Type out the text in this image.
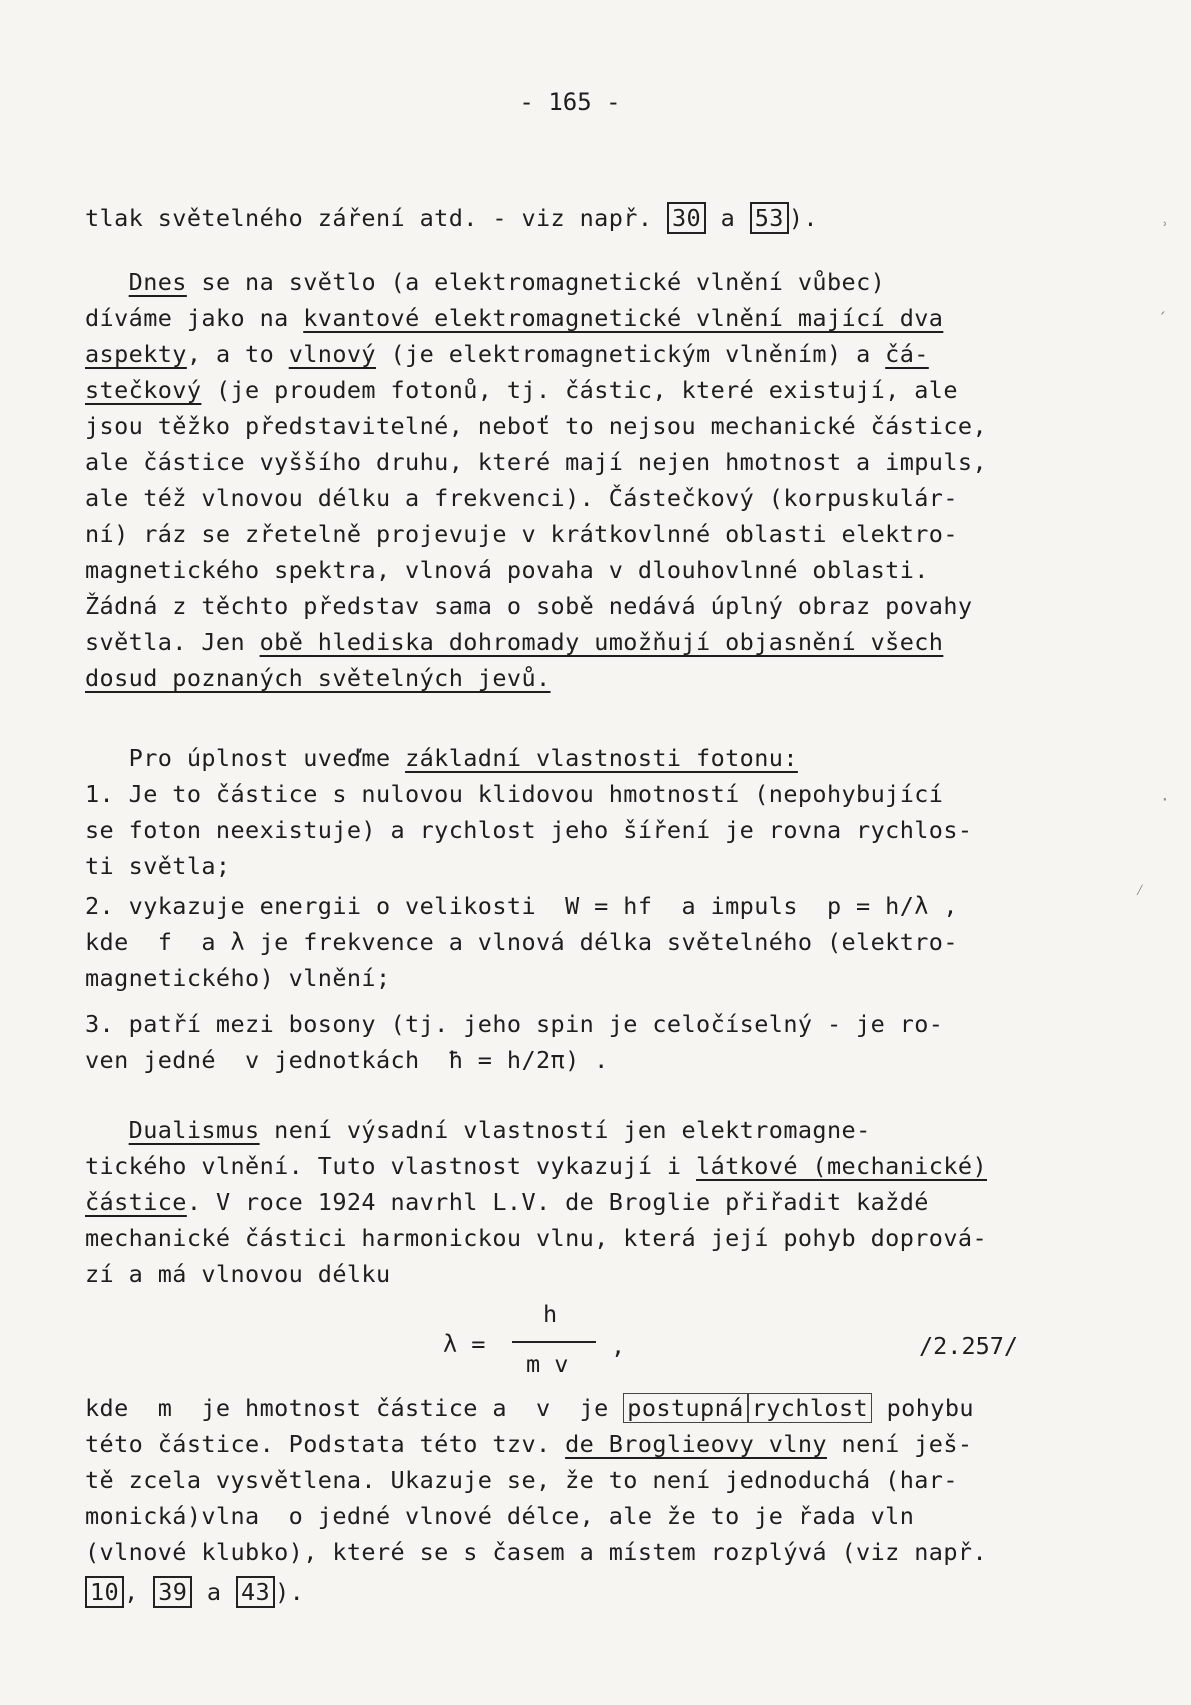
- 165 -
tlak světelného záření atd. - viz např. 30 a 53 ).
Dnes se na světlo (a elektromagnetické vlnění vůbec)
díváme jako na kvantové elektromagnetické vlnění mající dva
aspekty, a to vlnový (je elektromagnetickým vlněním) a čá-
stečkový (je proudem fotonů, tj. částic, které existují, ale
jsou těžko představitelné, neboť to nejsou mechanické částice,
ale částice vyššího druhu, které mají nejen hmotnost a impuls,
ale též vlnovou délku a frekvenci). Částečkový (korpuskulár-
ní) ráz se zřetelně projevuje v krátkovlnné oblasti elektro-
magnetického spektra, vlnová povaha v dlouhovlnné oblasti.
Žádná z těchto představ sama o sobě nedává úplný obraz povahy
světla. Jen obě hlediska dohromady umožňují objasnění všech
dosud poznaných světelných jevů.
Pro úplnost uveďme základní vlastnosti fotonu:
1. Je to částice s nulovou klidovou hmotností (nepohybující
se foton neexistuje) a rychlost jeho šíření je rovna rychlos-
ti světla;
2. vykazuje energii o velikosti  W = hf  a impuls  p = h/λ ,
kde  f  a λ je frekvence a vlnová délka světelného (elektro-
magnetického) vlnění;
3. patří mezi bosony (tj. jeho spin je celočíselný - je ro-
ven jedné  v jednotkách  ħ = h/2π) .
Dualismus není výsadní vlastností jen elektromagne-
tického vlnění. Tuto vlastnost vykazují i látkové (mechanické)
částice. V roce 1924 navrhl L.V. de Broglie přiřadit každé
mechanické částici harmonickou vlnu, která její pohyb doprová-
zí a má vlnovou délku
λ =
h
m v
,	/2.257/
kde  m  je hmotnost částice a  v  je postupná rychlost pohybu
této částice. Podstata této tzv. de Broglieovy vlny není ješ-
tě zcela vysvětlena. Ukazuje se, že to není jednoduchá (har-
monická)vlna  o jedné vlnové délce, ale že to je řada vln
(vlnové klubko), které se s časem a místem rozplývá (viz např.
10 , 39 a 43 ).
˒
ˏ
·
⁄
